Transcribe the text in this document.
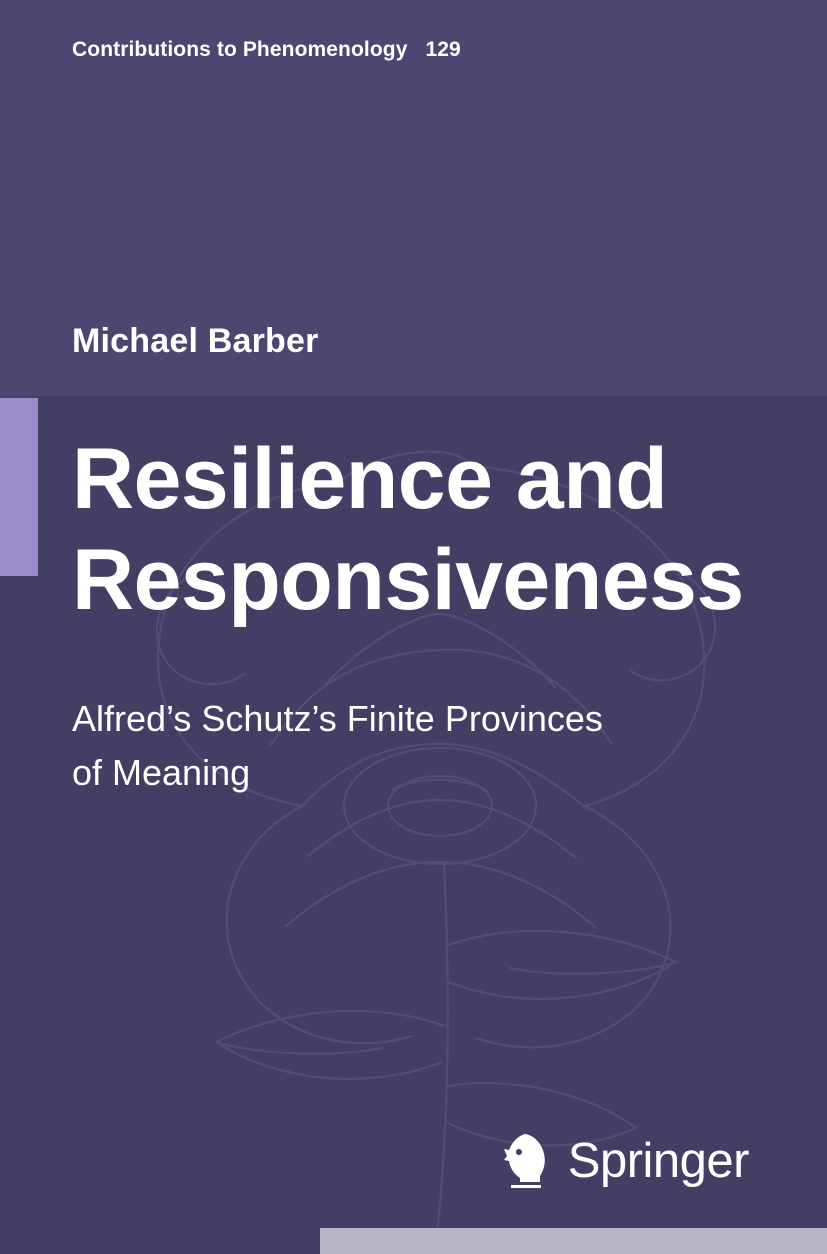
Resilience and
Responsiveness
Alfred’s Schutz’s Finite Provinces
of Meaning
Contributions to Phenomenology 129
Michael Barber
Springer
